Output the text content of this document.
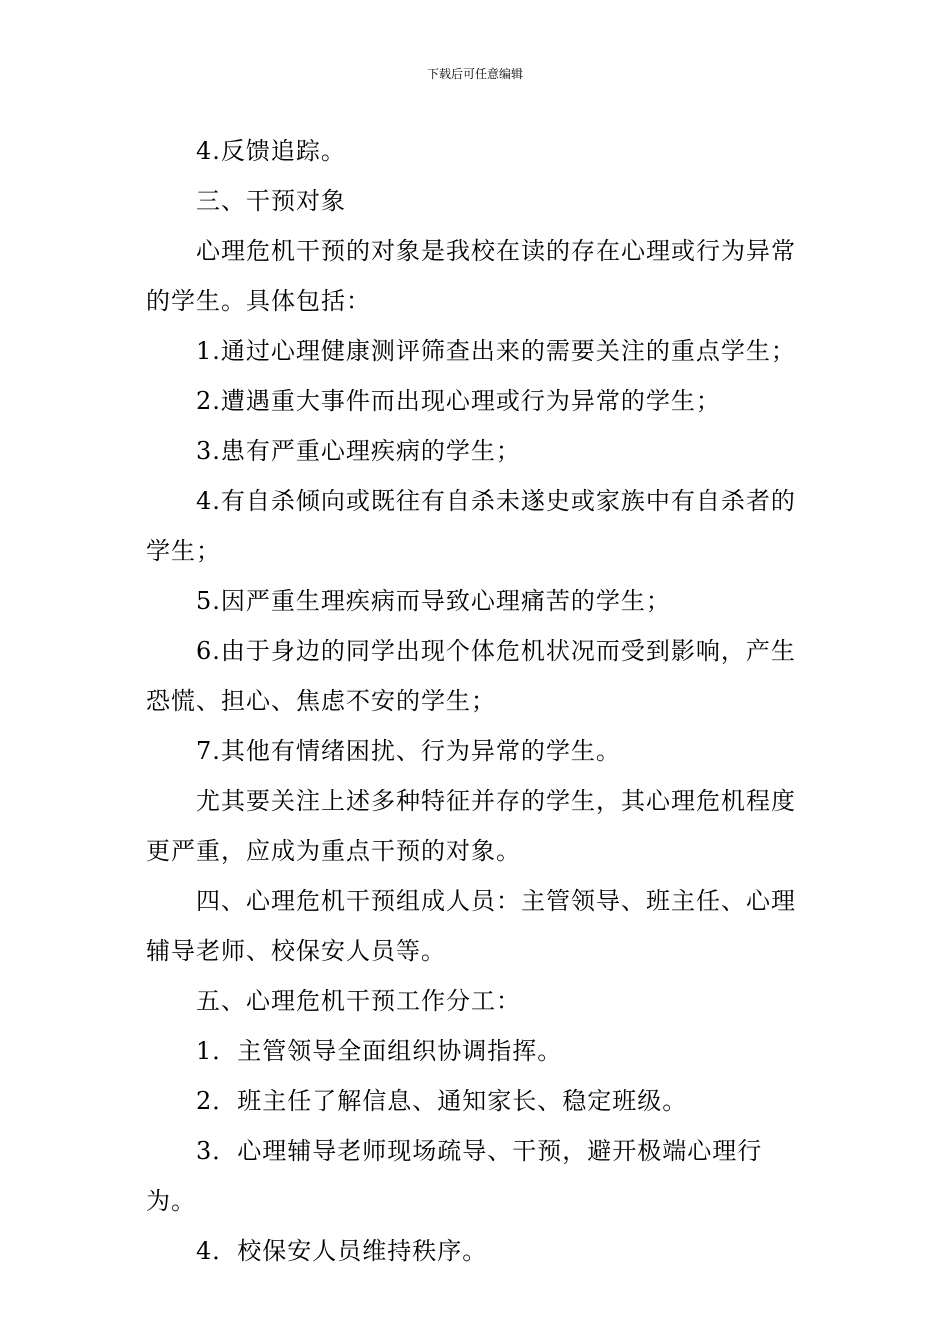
下载后可任意编辑

4.反馈追踪。

三、干预对象

心理危机干预的对象是我校在读的存在心理或行为异常的学生。具体包括：

1.通过心理健康测评筛查出来的需要关注的重点学生；

2.遭遇重大事件而出现心理或行为异常的学生；

3.患有严重心理疾病的学生；

4.有自杀倾向或既往有自杀未遂史或家族中有自杀者的学生；

5.因严重生理疾病而导致心理痛苦的学生；

6.由于身边的同学出现个体危机状况而受到影响，产生恐慌、担心、焦虑不安的学生；

7.其他有情绪困扰、行为异常的学生。

尤其要关注上述多种特征并存的学生，其心理危机程度更严重，应成为重点干预的对象。

四、心理危机干预组成人员：主管领导、班主任、心理辅导老师、校保安人员等。

五、心理危机干预工作分工：

1．主管领导全面组织协调指挥。

2．班主任了解信息、通知家长、稳定班级。

3．心理辅导老师现场疏导、干预，避开极端心理行为。

4．校保安人员维持秩序。
